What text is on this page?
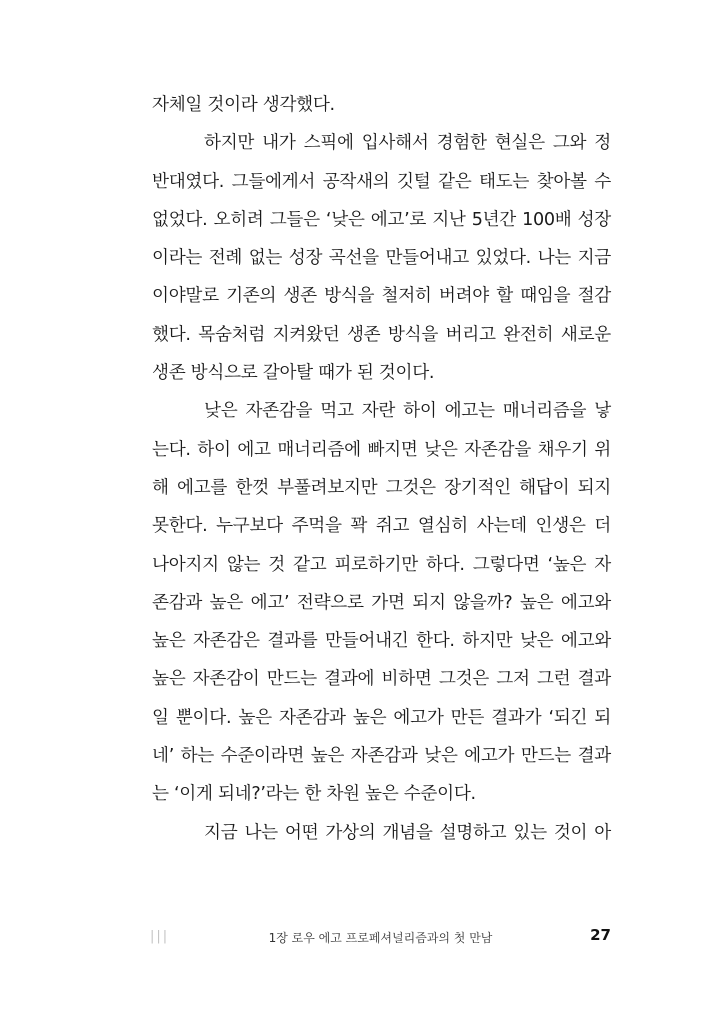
자체일 것이라 생각했다.
하지만 내가 스픽에 입사해서 경험한 현실은 그와 정
반대였다. 그들에게서 공작새의 깃털 같은 태도는 찾아볼 수
없었다. 오히려 그들은 ‘낮은 에고’로 지난 5년간 100배 성장
이라는 전례 없는 성장 곡선을 만들어내고 있었다. 나는 지금
이야말로 기존의 생존 방식을 철저히 버려야 할 때임을 절감
했다. 목숨처럼 지켜왔던 생존 방식을 버리고 완전히 새로운
생존 방식으로 갈아탈 때가 된 것이다.
낮은 자존감을 먹고 자란 하이 에고는 매너리즘을 낳
는다. 하이 에고 매너리즘에 빠지면 낮은 자존감을 채우기 위
해 에고를 한껏 부풀려보지만 그것은 장기적인 해답이 되지
못한다. 누구보다 주먹을 꽉 쥐고 열심히 사는데 인생은 더
나아지지 않는 것 같고 피로하기만 하다. 그렇다면 ‘높은 자
존감과 높은 에고’ 전략으로 가면 되지 않을까? 높은 에고와
높은 자존감은 결과를 만들어내긴 한다. 하지만 낮은 에고와
높은 자존감이 만드는 결과에 비하면 그것은 그저 그런 결과
일 뿐이다. 높은 자존감과 높은 에고가 만든 결과가 ‘되긴 되
네’ 하는 수준이라면 높은 자존감과 낮은 에고가 만드는 결과
는 ‘이게 되네?’라는 한 차원 높은 수준이다.
지금 나는 어떤 가상의 개념을 설명하고 있는 것이 아
|||	1장 로우 에고 프로페셔널리즘과의 첫 만남	27
